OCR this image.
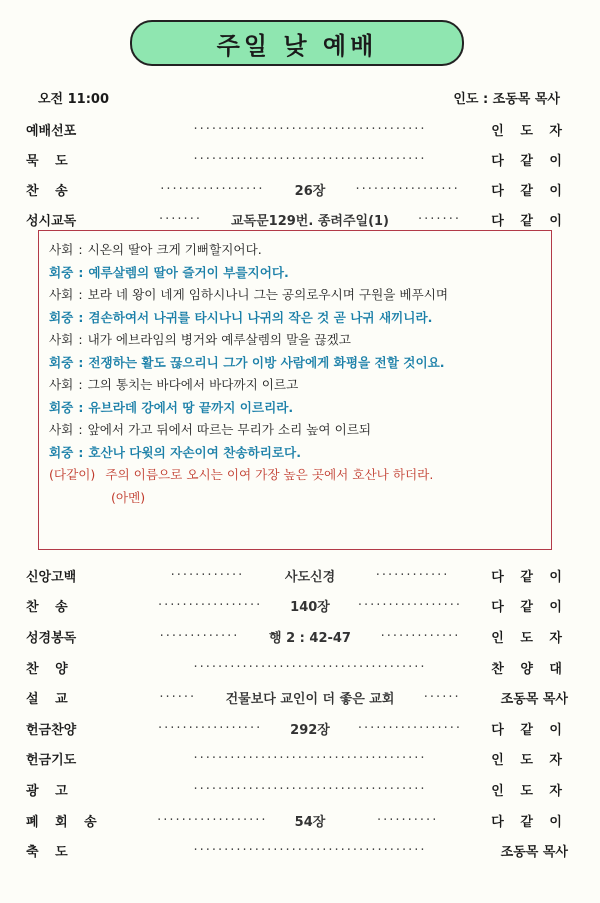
주일 낮 예배
오전 11:00	인도 : 조동목 목사
예배선포	······································	인 도 자
묵 도	······································	다 같 이
찬 송	·················	26장	·················	다 같 이
성시교독	·······	교독문129번. 종려주일(1)	·······	다 같 이
사회 : 시온의 딸아 크게 기뻐할지어다.
회중 : 예루살렘의 딸아 즐거이 부를지어다.
사회 : 보라 네 왕이 네게 임하시나니 그는 공의로우시며 구원을 베푸시며
회중 : 겸손하여서 나귀를 타시나니 나귀의 작은 것 곧 나귀 새끼니라.
사회 : 내가 에브라임의 병거와 예루살렘의 말을 끊겠고
회중 : 전쟁하는 활도 끊으리니 그가 이방 사람에게 화평을 전할 것이요.
사회 : 그의 통치는 바다에서 바다까지 이르고
회중 : 유브라데 강에서 땅 끝까지 이르리라.
사회 : 앞에서 가고 뒤에서 따르는 무리가 소리 높여 이르되
회중 : 호산나 다윗의 자손이여 찬송하리로다.
(다같이) 주의 이름으로 오시는 이여 가장 높은 곳에서 호산나 하더라.
(아멘)
신앙고백	············	사도신경	············	다 같 이
찬 송	·················	140장	·················	다 같 이
성경봉독	·············	행 2 : 42-47	·············	인 도 자
찬 양	······································	찬 양 대
설 교	······	건물보다 교인이 더 좋은 교회	······	조동목 목사
헌금찬양	·················	292장	·················	다 같 이
헌금기도	······································	인 도 자
광 고	······································	인 도 자
폐 회 송	··················	54장	··········	다 같 이
축 도	······································	조동목 목사
